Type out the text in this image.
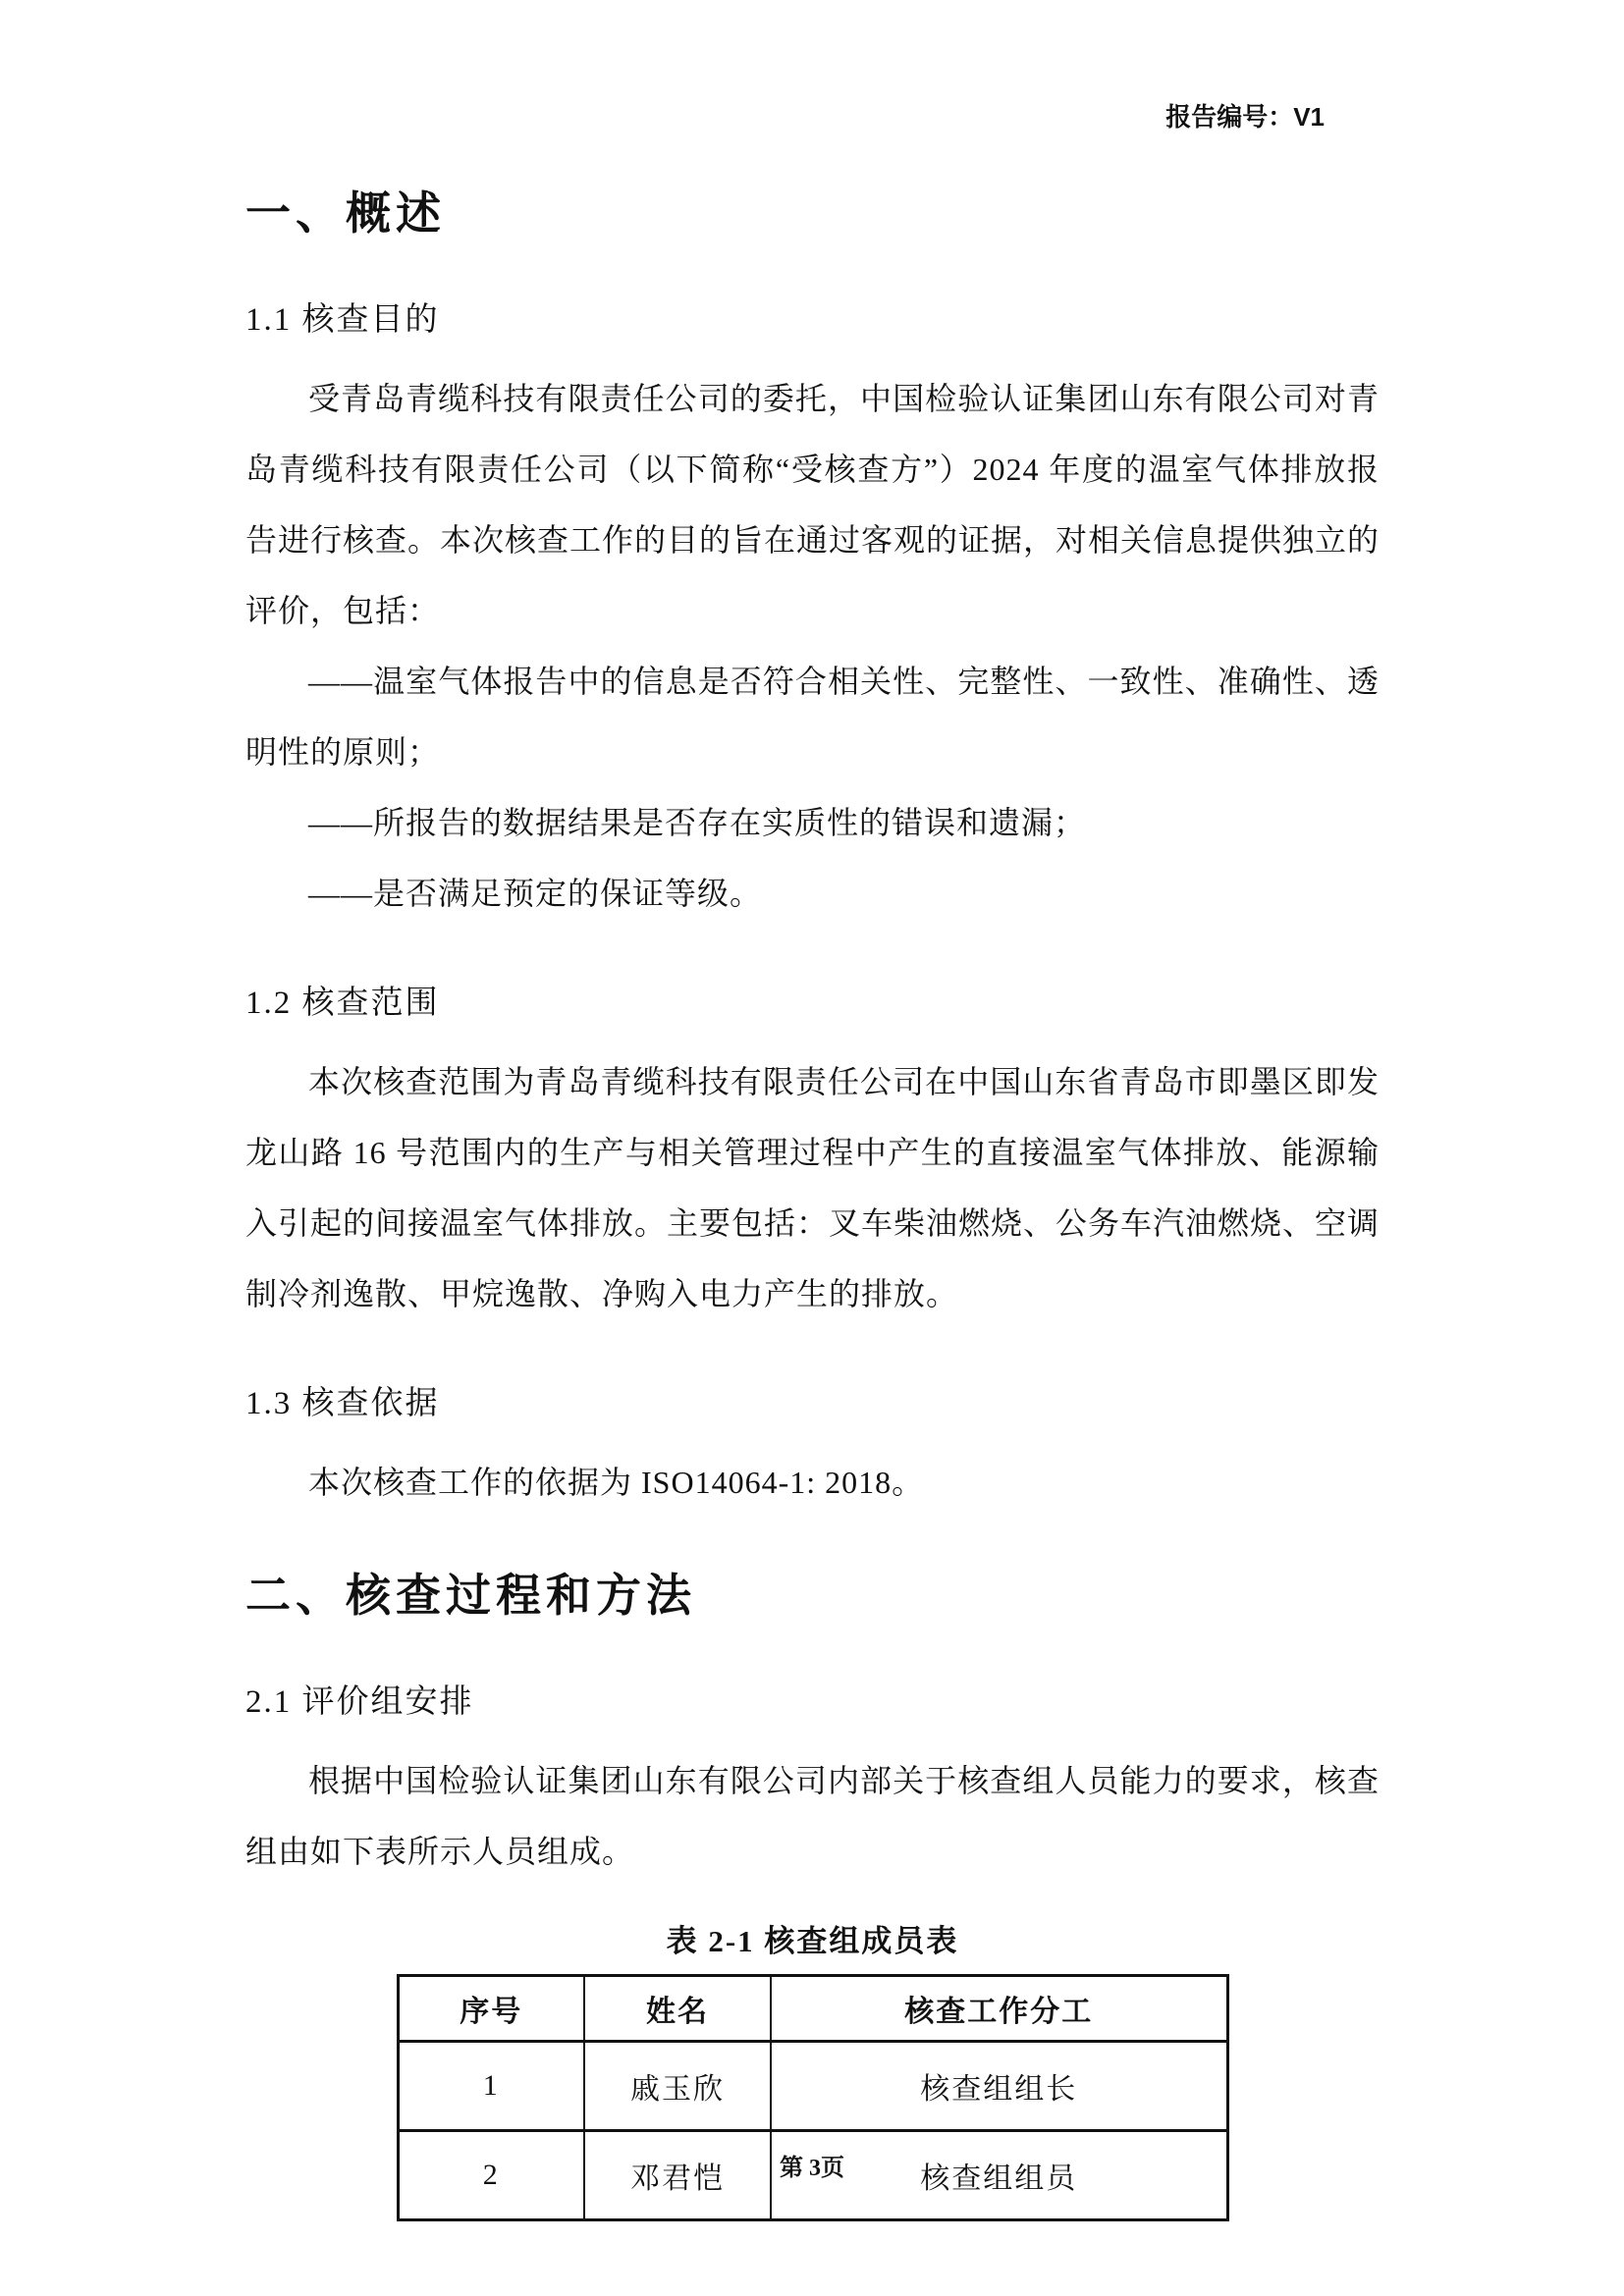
报告编号：V1
一、概述
1.1 核查目的

受青岛青缆科技有限责任公司的委托，中国检验认证集团山东有限公司对青岛青缆科技有限责任公司（以下简称“受核查方”）2024 年度的温室气体排放报告进行核查。本次核查工作的目的旨在通过客观的证据，对相关信息提供独立的评价，包括：

——温室气体报告中的信息是否符合相关性、完整性、一致性、准确性、透明性的原则；

——所报告的数据结果是否存在实质性的错误和遗漏；

——是否满足预定的保证等级。

1.2 核查范围

本次核查范围为青岛青缆科技有限责任公司在中国山东省青岛市即墨区即发龙山路 16 号范围内的生产与相关管理过程中产生的直接温室气体排放、能源输入引起的间接温室气体排放。主要包括：叉车柴油燃烧、公务车汽油燃烧、空调制冷剂逸散、甲烷逸散、净购入电力产生的排放。

1.3 核查依据

本次核查工作的依据为 ISO14064-1: 2018。

二、核查过程和方法
2.1 评价组安排

根据中国检验认证集团山东有限公司内部关于核查组人员能力的要求，核查组由如下表所示人员组成。

表 2-1 核查组成员表
序号	姓名	核查工作分工
1	戚玉欣	核查组组长
2	邓君恺	核查组组员
第 3页
